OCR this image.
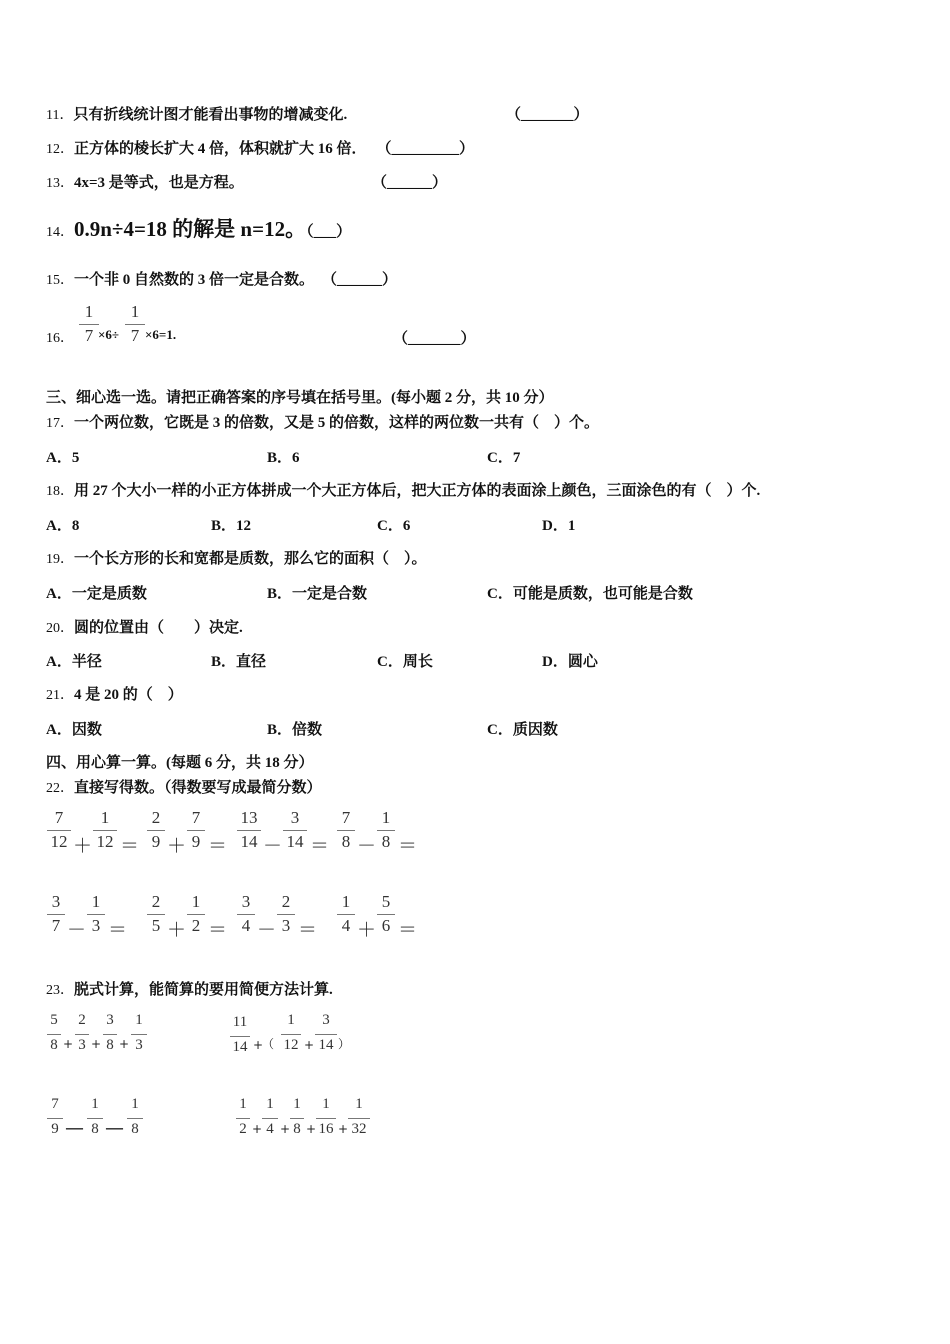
11．只有折线统计图才能看出事物的增减变化.	（_______）
12．正方体的棱长扩大 4 倍，体积就扩大 16 倍． （_________）
13．4x=3 是等式，也是方程。	（______）
14．0.9n÷4=18 的解是 n=12。（___）
15．一个非 0 自然数的 3 倍一定是合数。 （______）
16．
1
7 ×6÷
1
7 ×6=1.	（_______）
三、细心选一选。请把正确答案的序号填在括号里。(每小题 2 分，共 10 分）
17．一个两位数，它既是 3 的倍数，又是 5 的倍数，这样的两位数一共有（　）个。
A．5	B．6	C．7
18．用 27 个大小一样的小正方体拼成一个大正方体后，把大正方体的表面涂上颜色，三面涂色的有（　）个.
A．8	B．12	C．6	D．1
19．一个长方形的长和宽都是质数，那么它的面积（　）。
A．一定是质数	B．一定是合数	C．可能是质数，也可能是合数
20．圆的位置由（　　）决定.
A．半径	B．直径	C．周长	D．圆心
21．4 是 20 的（　）
A．因数	B．倍数	C．质因数
四、用心算一算。(每题 6 分，共 18 分）
22．直接写得数。（得数要写成最简分数）
7
12 ＋
1
12 ＝
2
9 ＋
7
9 ＝
13
14 －
3
14 ＝
7
8 －
1
8 ＝
3
7 －
1
3 ＝
2
5 ＋
1
2 ＝
3
4 －
2
3 ＝
1
4 ＋
5
6 ＝
23．脱式计算，能简算的要用简便方法计算.
5
8 +
2
3 +
3
8 +
1
3
11
14 +
（
1
12 +
3
14 ）
7
9 —
1
8 —
1
8
1
2 +
1
4 +
1
8 +
1
16 +
1
32
